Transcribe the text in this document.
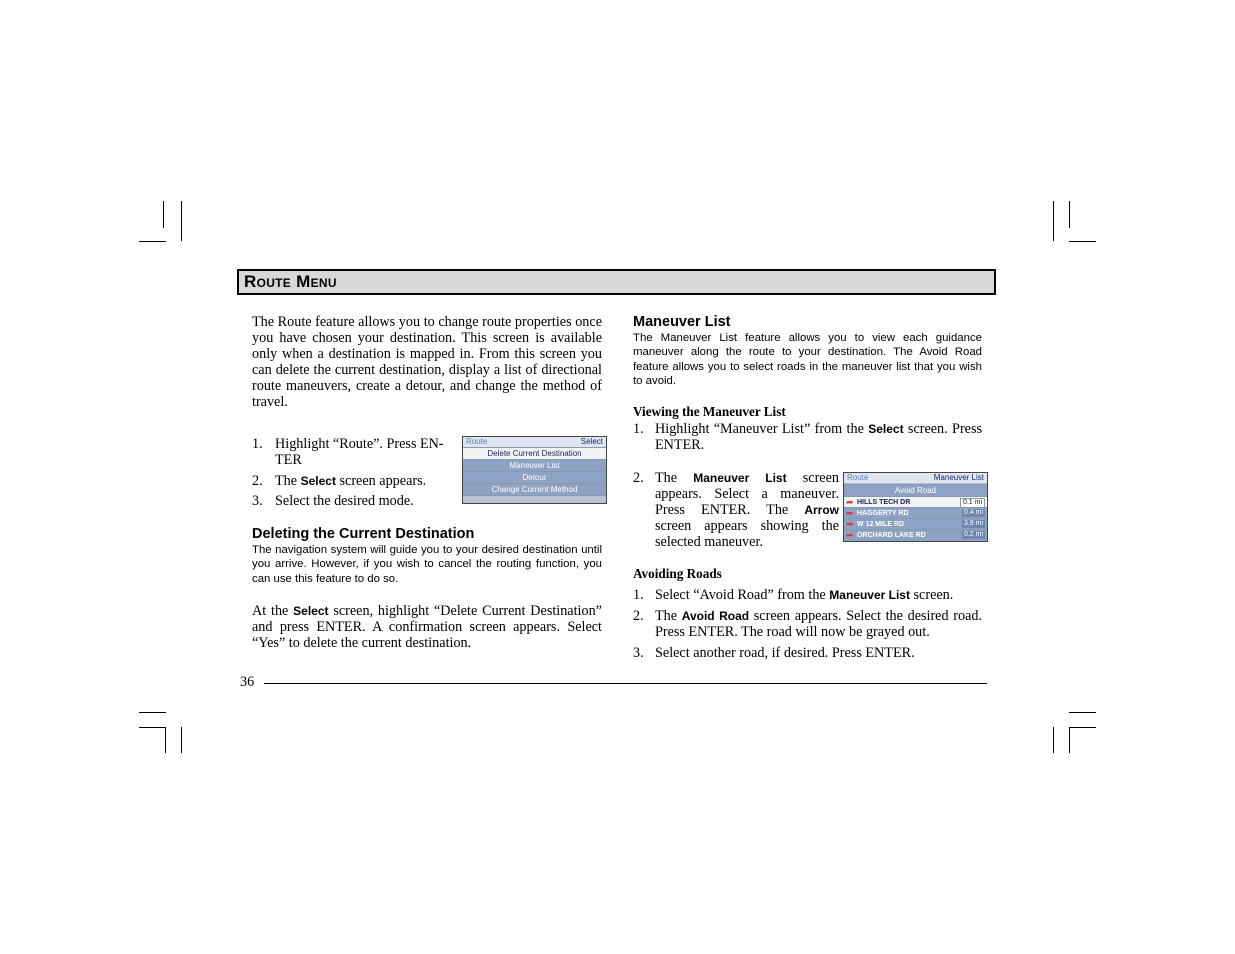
Route Menu
The Route feature allows you to change route properties once you have chosen your destination. This screen is available only when a destination is mapped in. From this screen you can delete the current destination, display a list of directional route maneuvers, create a detour, and change the method of travel.
1. Highlight “Route”. Press EN-
TER
2. The Select screen appears.
3. Select the desired mode.
Route	Select
Delete Current Destination
Maneuver List
Detour
Change Current Method
Deleting the Current Destination
The navigation system will guide you to your desired destination until you arrive. However, if you wish to cancel the routing function, you can use this feature to do so.
At the Select screen, highlight “Delete Current Destination” and press ENTER. A confirmation screen appears. Select “Yes” to delete the current destination.
Maneuver List
The Maneuver List feature allows you to view each guidance maneuver along the route to your destination. The Avoid Road feature allows you to select roads in the maneuver list that you wish to avoid.
Viewing the Maneuver List
1. Highlight “Maneuver List” from the Select screen. Press ENTER.
2. The Maneuver List screen appears. Select a maneuver. Press ENTER. The Arrow screen appears showing the selected maneuver.
Route	Maneuver List
Avoid Road
➦ HILLS TECH DR	0.1 mi
➦ HAGGERTY RD	0.4 mi
➦ W 12 MILE RD	3.9 mi
➦ ORCHARD LAKE RD	0.2 mi
Avoiding Roads
1. Select “Avoid Road” from the Maneuver List screen.
2. The Avoid Road screen appears. Select the desired road. Press ENTER. The road will now be grayed out.
3. Select another road, if desired. Press ENTER.
36
